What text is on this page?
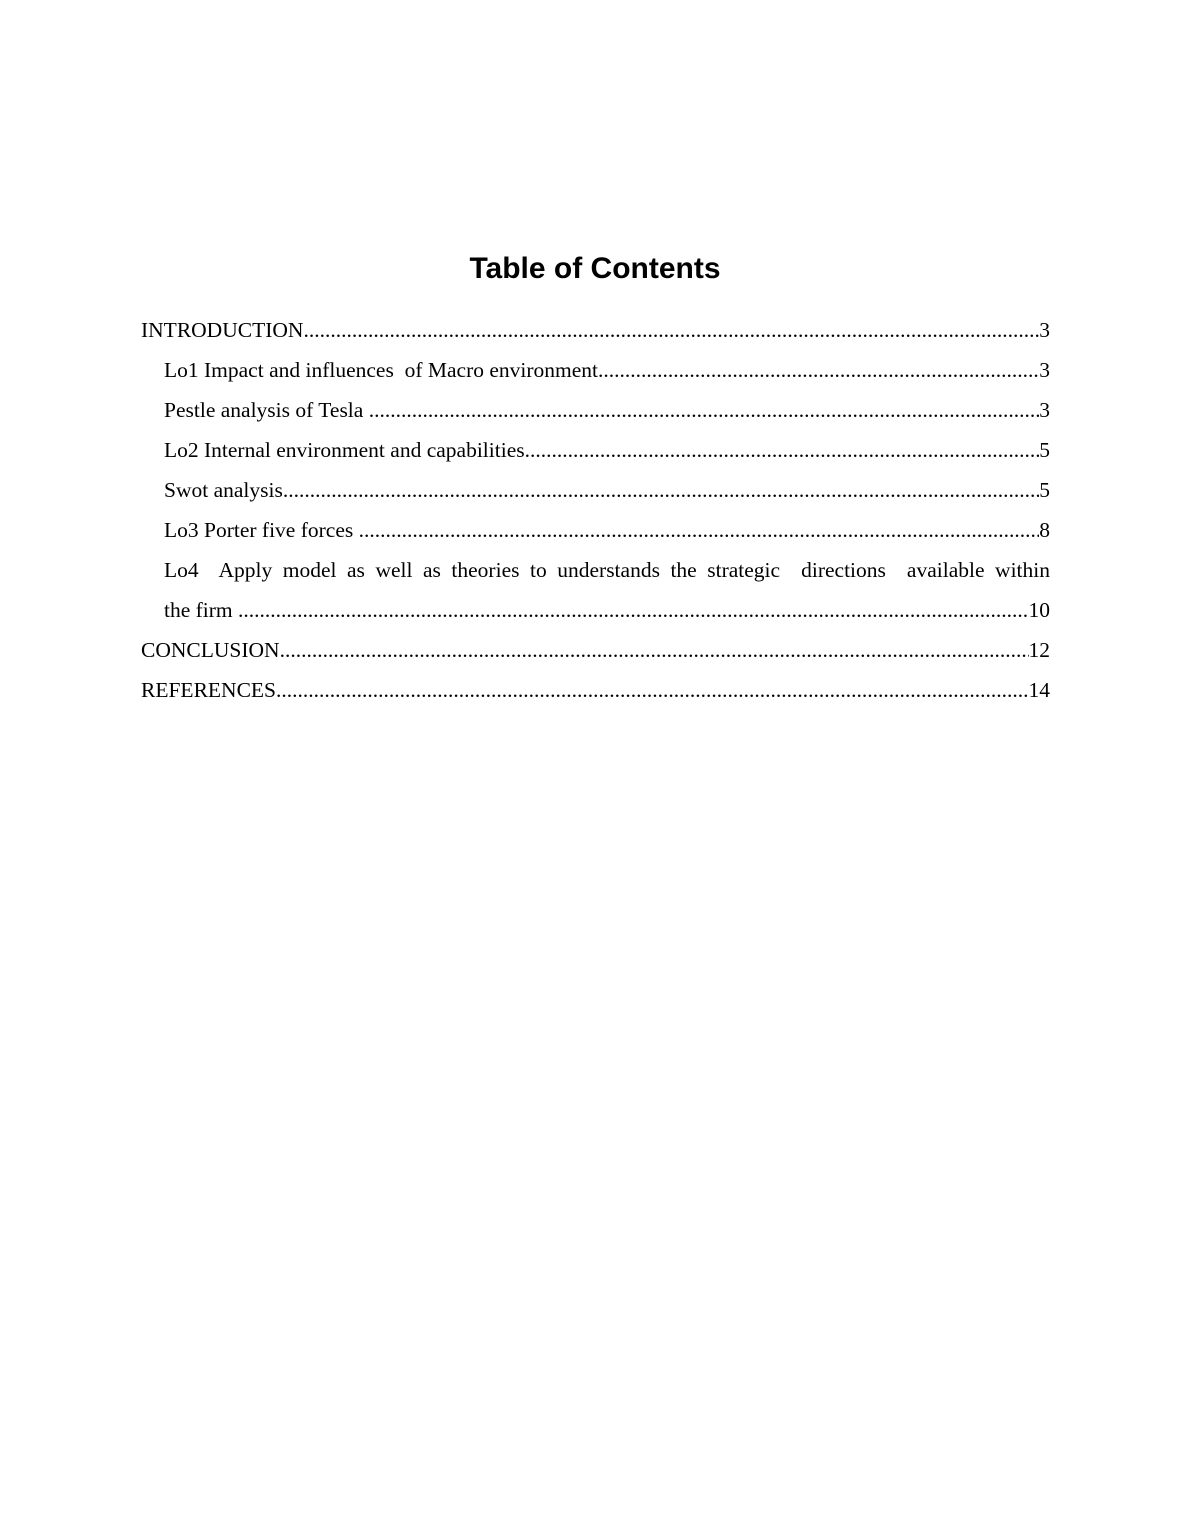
Table of Contents
INTRODUCTION .....	3
Lo1 Impact and influences  of Macro environment .....	3
Pestle analysis of Tesla .....	3
Lo2 Internal environment and capabilities .....	5
Swot analysis .....	5
Lo3 Porter five forces .....	8
Lo4  Apply model as well as theories to understands the strategic  directions  available within
the firm .....	10
CONCLUSION .....	12
REFERENCES .....	14
